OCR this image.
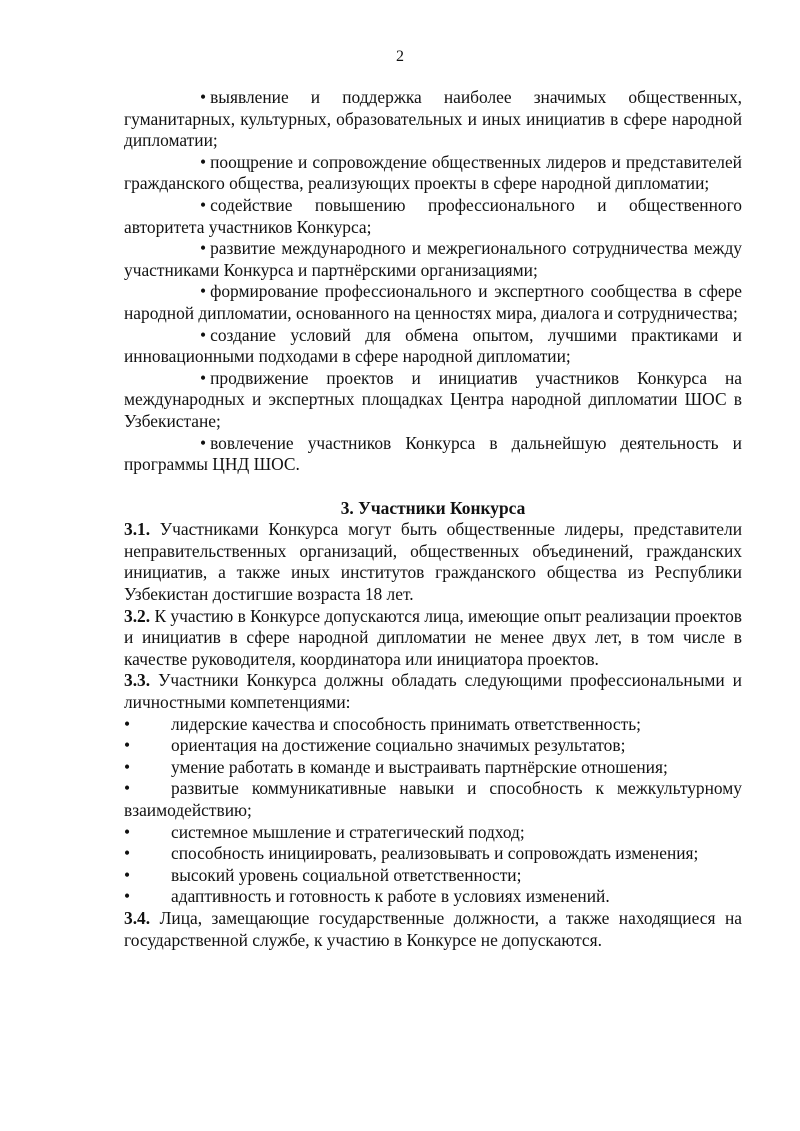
2

• выявление и поддержка наиболее значимых общественных, гуманитарных, культурных, образовательных и иных инициатив в сфере народной дипломатии;

• поощрение и сопровождение общественных лидеров и представителей гражданского общества, реализующих проекты в сфере народной дипломатии;

• содействие повышению профессионального и общественного авторитета участников Конкурса;

• развитие международного и межрегионального сотрудничества между участниками Конкурса и партнёрскими организациями;

• формирование профессионального и экспертного сообщества в сфере народной дипломатии, основанного на ценностях мира, диалога и сотрудничества;

• создание условий для обмена опытом, лучшими практиками и инновационными подходами в сфере народной дипломатии;

• продвижение проектов и инициатив участников Конкурса на международных и экспертных площадках Центра народной дипломатии ШОС в Узбекистане;

• вовлечение участников Конкурса в дальнейшую деятельность и программы ЦНД ШОС.

3. Участники Конкурса

3.1. Участниками Конкурса могут быть общественные лидеры, представители неправительственных организаций, общественных объединений, гражданских инициатив, а также иных институтов гражданского общества из Республики Узбекистан достигшие возраста 18 лет.

3.2. К участию в Конкурсе допускаются лица, имеющие опыт реализации проектов и инициатив в сфере народной дипломатии не менее двух лет, в том числе в качестве руководителя, координатора или инициатора проектов.

3.3. Участники Конкурса должны обладать следующими профессиональными и личностными компетенциями:

• лидерские качества и способность принимать ответственность;

• ориентация на достижение социально значимых результатов;

• умение работать в команде и выстраивать партнёрские отношения;

• развитые коммуникативные навыки и способность к межкультурному взаимодействию;

• системное мышление и стратегический подход;

• способность инициировать, реализовывать и сопровождать изменения;

• высокий уровень социальной ответственности;

• адаптивность и готовность к работе в условиях изменений.

3.4. Лица, замещающие государственные должности, а также находящиеся на государственной службе, к участию в Конкурсе не допускаются.
